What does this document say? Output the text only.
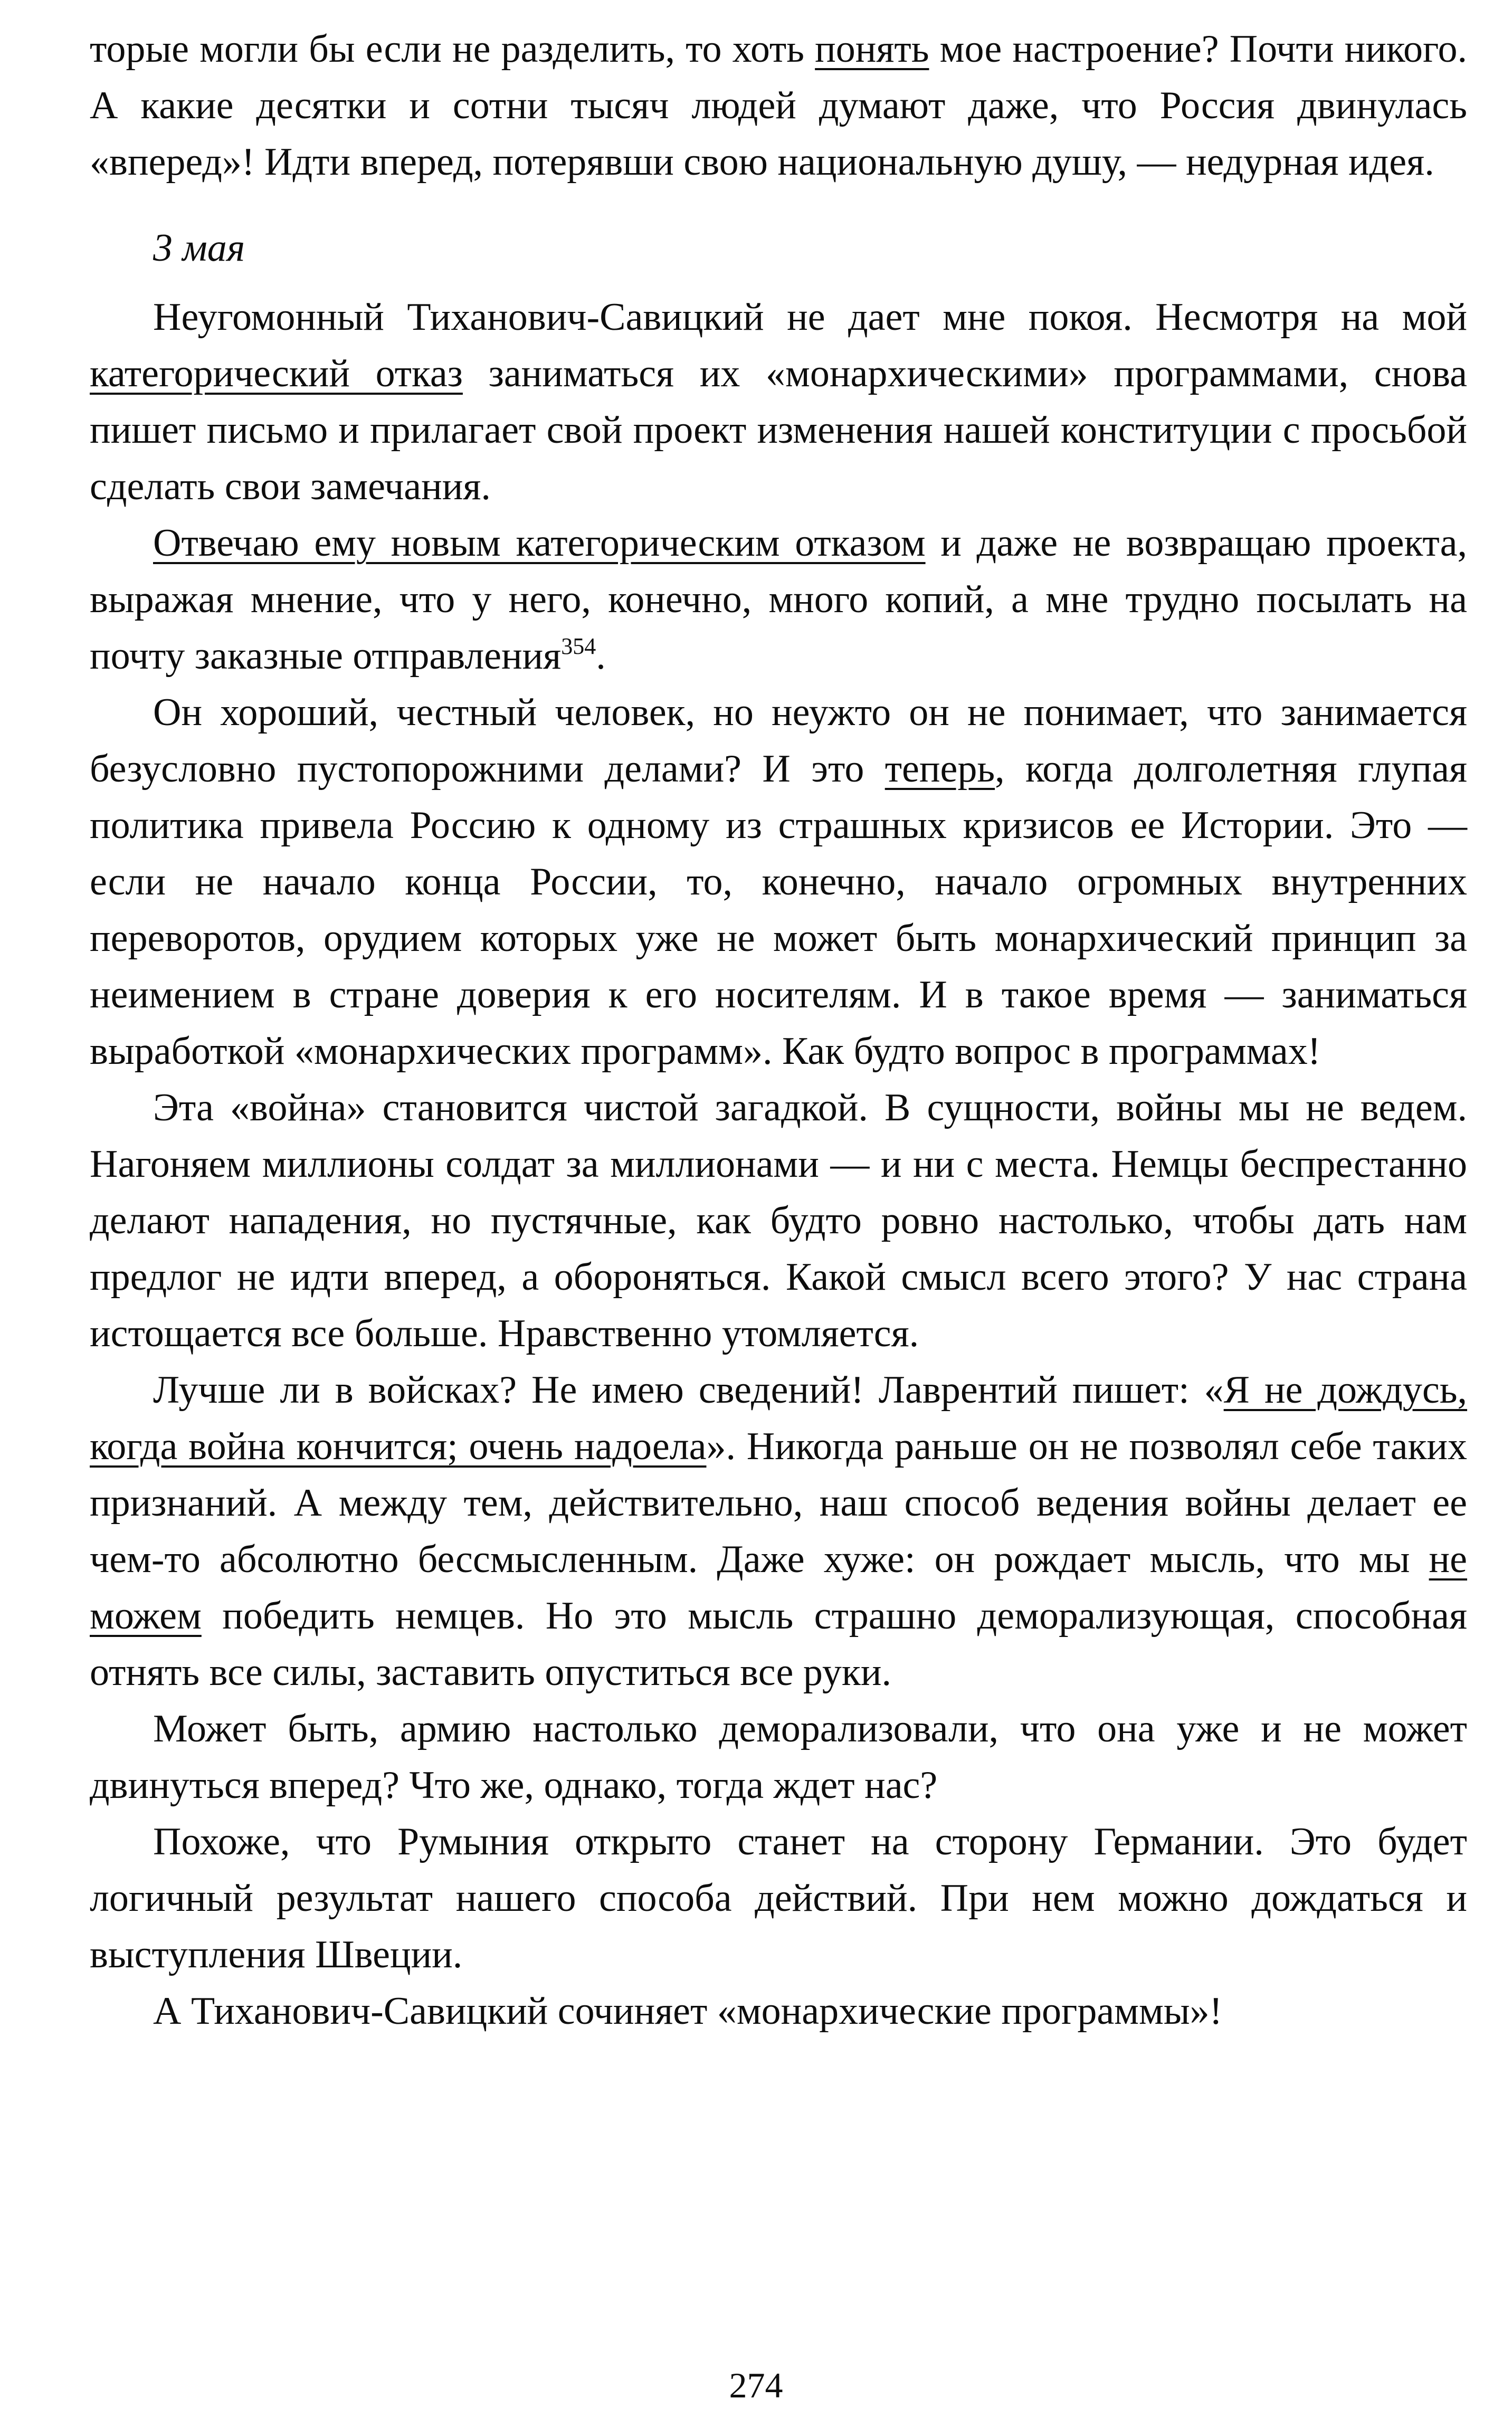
торые могли бы если не разделить, то хоть понять мое настроение? Почти никого. А какие десятки и сотни тысяч людей думают даже, что Россия двинулась «вперед»! Идти вперед, потерявши свою национальную душу, — недурная идея.

3 мая

Неугомонный Тиханович-Савицкий не дает мне покоя. Несмотря на мой категорический отказ заниматься их «монархическими» программами, снова пишет письмо и прилагает свой проект изменения нашей конституции с просьбой сделать свои замечания.

Отвечаю ему новым категорическим отказом и даже не возвращаю проекта, выражая мнение, что у него, конечно, много копий, а мне трудно посылать на почту заказные отправления$^{354}$.

Он хороший, честный человек, но неужто он не понимает, что занимается безусловно пустопорожними делами? И это теперь, когда долголетняя глупая политика привела Россию к одному из страшных кризисов ее Истории. Это — если не начало конца России, то, конечно, начало огромных внутренних переворотов, орудием которых уже не может быть монархический принцип за неимением в стране доверия к его носителям. И в такое время — заниматься выработкой «монархических программ». Как будто вопрос в программах!

Эта «война» становится чистой загадкой. В сущности, войны мы не ведем. Нагоняем миллионы солдат за миллионами — и ни с места. Немцы беспрестанно делают нападения, но пустячные, как будто ровно настолько, чтобы дать нам предлог не идти вперед, а обороняться. Какой смысл всего этого? У нас страна истощается все больше. Нравственно утомляется.

Лучше ли в войсках? Не имею сведений! Лаврентий пишет: «Я не дождусь, когда война кончится; очень надоела». Никогда раньше он не позволял себе таких признаний. А между тем, действительно, наш способ ведения войны делает ее чем-то абсолютно бессмысленным. Даже хуже: он рождает мысль, что мы не можем победить немцев. Но это мысль страшно деморализующая, способная отнять все силы, заставить опуститься все руки.

Может быть, армию настолько деморализовали, что она уже и не может двинуться вперед? Что же, однако, тогда ждет нас?

Похоже, что Румыния открыто станет на сторону Германии. Это будет логичный результат нашего способа действий. При нем можно дождаться и выступления Швеции.

А Тиханович-Савицкий сочиняет «монархические программы»!

274
